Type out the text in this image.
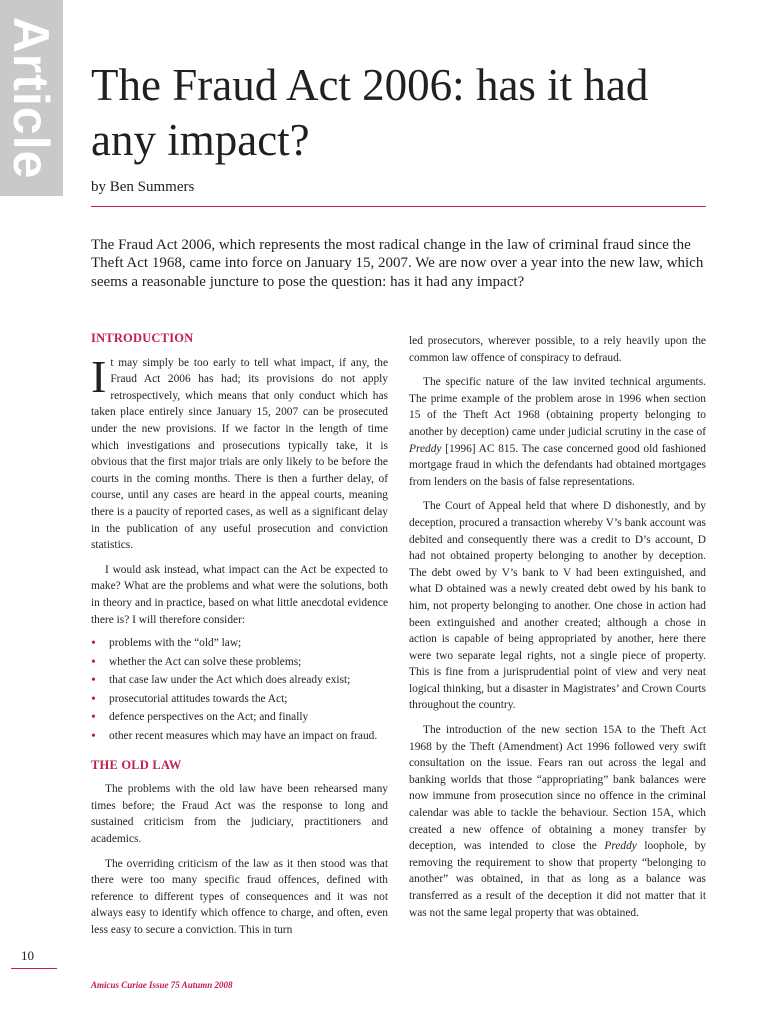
Article The Fraud Act 2006: has it had any impact?
by Ben Summers

The Fraud Act 2006, which represents the most radical change in the law of criminal fraud since the Theft Act 1968, came into force on January 15, 2007. We are now over a year into the new law, which seems a reasonable juncture to pose the question: has it had any impact?

INTRODUCTION

It may simply be too early to tell what impact, if any, the Fraud Act 2006 has had; its provisions do not apply retrospectively, which means that only conduct which has taken place entirely since January 15, 2007 can be prosecuted under the new provisions. If we factor in the length of time which investigations and prosecutions typically take, it is obvious that the first major trials are only likely to be before the courts in the coming months. There is then a further delay, of course, until any cases are heard in the appeal courts, meaning there is a paucity of reported cases, as well as a significant delay in the publication of any useful prosecution and conviction statistics.

I would ask instead, what impact can the Act be expected to make? What are the problems and what were the solutions, both in theory and in practice, based on what little anecdotal evidence there is? I will therefore consider:

• problems with the “old” law;
• whether the Act can solve these problems;
• that case law under the Act which does already exist;
• prosecutorial attitudes towards the Act;
• defence perspectives on the Act; and finally
• other recent measures which may have an impact on fraud.
THE OLD LAW

The problems with the old law have been rehearsed many times before; the Fraud Act was the response to long and sustained criticism from the judiciary, practitioners and academics.

The overriding criticism of the law as it then stood was that there were too many specific fraud offences, defined with reference to different types of consequences and it was not always easy to identify which offence to charge, and often, even less easy to secure a conviction. This in turn

led prosecutors, wherever possible, to a rely heavily upon the common law offence of conspiracy to defraud.

The specific nature of the law invited technical arguments. The prime example of the problem arose in 1996 when section 15 of the Theft Act 1968 (obtaining property belonging to another by deception) came under judicial scrutiny in the case of Preddy [1996] AC 815. The case concerned good old fashioned mortgage fraud in which the defendants had obtained mortgages from lenders on the basis of false representations.

The Court of Appeal held that where D dishonestly, and by deception, procured a transaction whereby V’s bank account was debited and consequently there was a credit to D’s account, D had not obtained property belonging to another by deception. The debt owed by V’s bank to V had been extinguished, and what D obtained was a newly created debt owed by his bank to him, not property belonging to another. One chose in action had been extinguished and another created; although a chose in action is capable of being appropriated by another, here there were two separate legal rights, not a single piece of property. This is fine from a jurisprudential point of view and very neat logical thinking, but a disaster in Magistrates’ and Crown Courts throughout the country.

The introduction of the new section 15A to the Theft Act 1968 by the Theft (Amendment) Act 1996 followed very swift consultation on the issue. Fears ran out across the legal and banking worlds that those “appropriating” bank balances were now immune from prosecution since no offence in the criminal calendar was able to tackle the behaviour. Section 15A, which created a new offence of obtaining a money transfer by deception, was intended to close the Preddy loophole, by removing the requirement to show that property “belonging to another” was obtained, in that as long as a balance was transferred as a result of the deception it did not matter that it was not the same legal property that was obtained.

10
Amicus Curiae Issue 75 Autumn 2008
